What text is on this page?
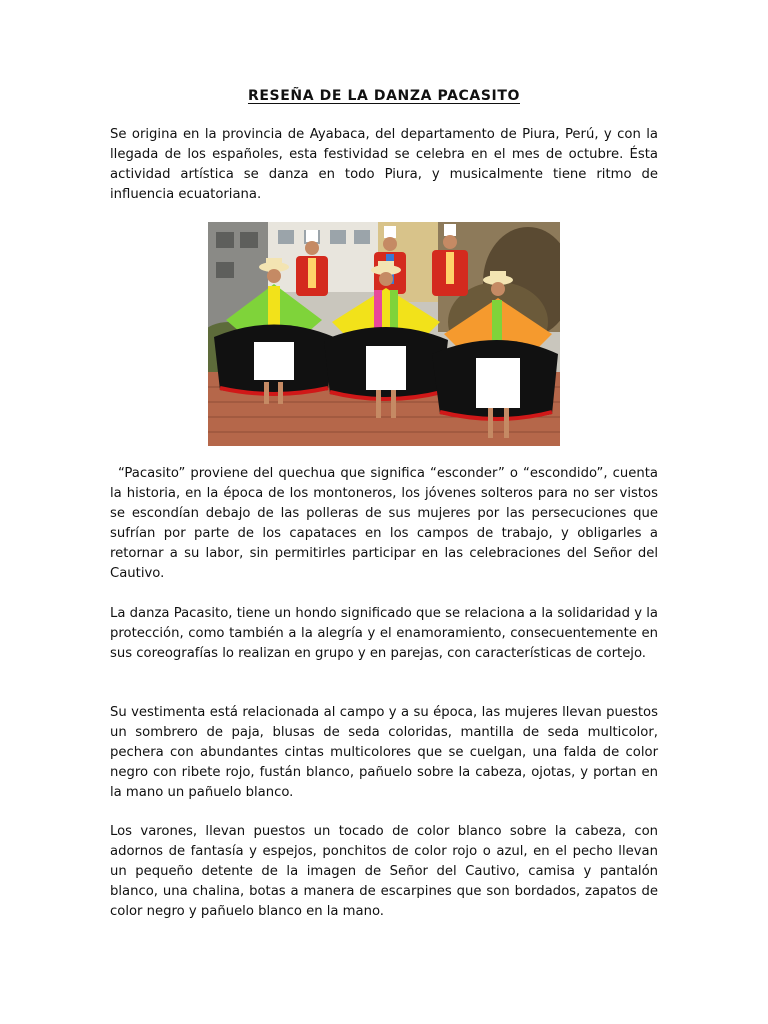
RESEÑA DE LA DANZA PACASITO

Se origina en la provincia de Ayabaca, del departamento de Piura, Perú, y con la llegada de los españoles, esta festividad se celebra en el mes de octubre. Ésta actividad artística se danza en todo Piura, y musicalmente tiene ritmo de influencia ecuatoriana.

“Pacasito” proviene del quechua que significa “esconder” o “escondido”, cuenta la historia, en la época de los montoneros, los jóvenes solteros para no ser vistos se escondían debajo de las polleras de sus mujeres por las persecuciones que sufrían por parte de los capataces en los campos de trabajo, y obligarles a retornar a su labor, sin permitirles participar en las celebraciones del Señor del Cautivo.

La danza Pacasito, tiene un hondo significado que se relaciona a la solidaridad y la protección, como también a la alegría y el enamoramiento, consecuentemente en sus coreografías lo realizan en grupo y en parejas, con características de cortejo.

Su vestimenta está relacionada al campo y a su época, las mujeres llevan puestos un sombrero de paja, blusas de seda coloridas, mantilla de seda multicolor, pechera con abundantes cintas multicolores que se cuelgan, una falda de color negro con ribete rojo, fustán blanco, pañuelo sobre la cabeza, ojotas, y portan en la mano un pañuelo blanco.

Los varones, llevan puestos un tocado de color blanco sobre la cabeza, con adornos de fantasía y espejos, ponchitos de color rojo o azul, en el pecho llevan un pequeño detente de la imagen de Señor del Cautivo, camisa y pantalón blanco, una chalina, botas a manera de escarpines que son bordados, zapatos de color negro y pañuelo blanco en la mano.
